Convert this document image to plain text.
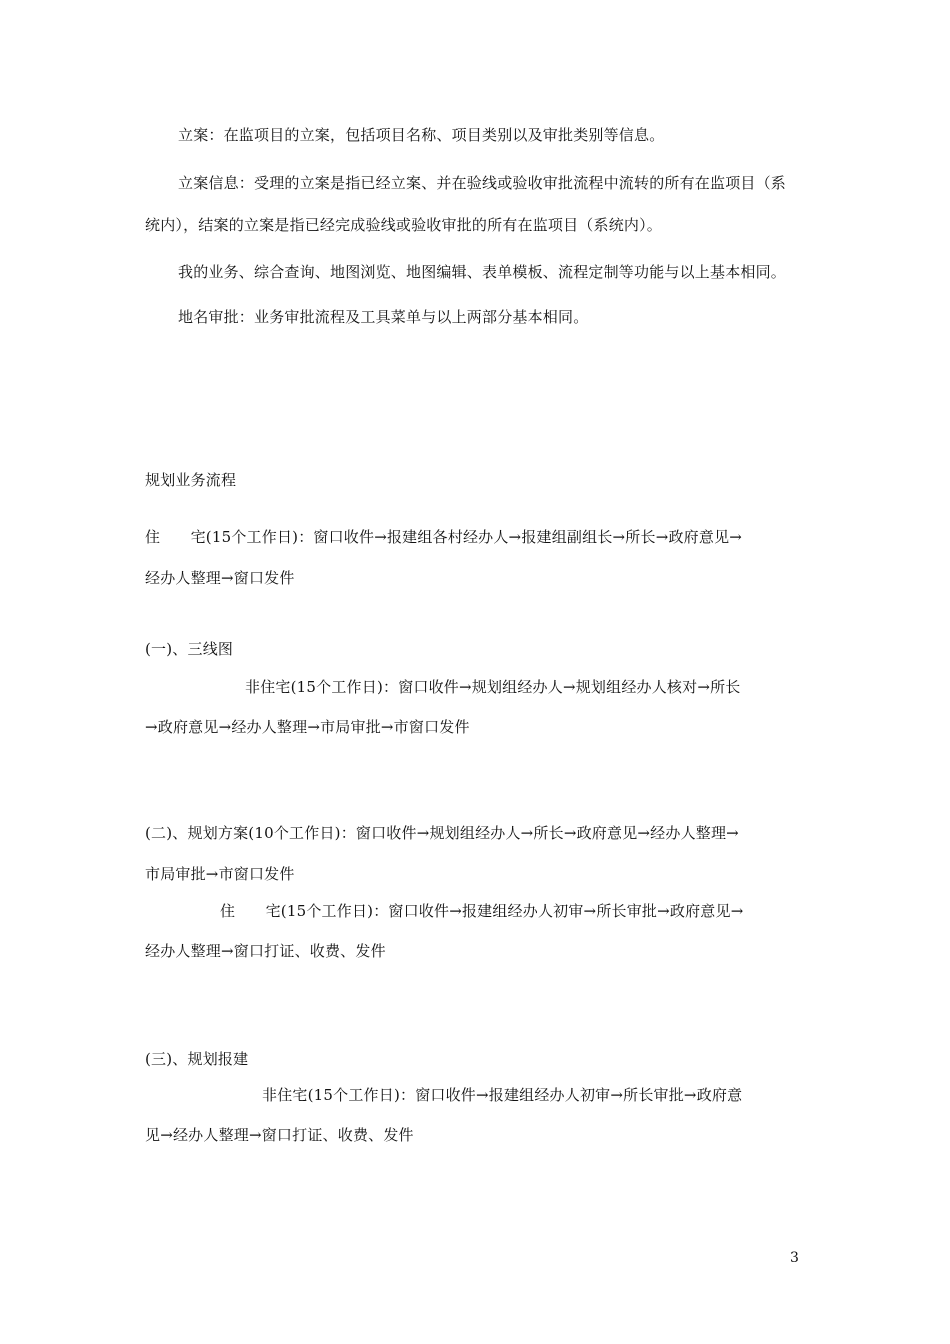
立案：在监项目的立案，包括项目名称、项目类别以及审批类别等信息。
立案信息：受理的立案是指已经立案、并在验线或验收审批流程中流转的所有在监项目（系
统内），结案的立案是指已经完成验线或验收审批的所有在监项目（系统内）。
我的业务、综合查询、地图浏览、地图编辑、表单模板、流程定制等功能与以上基本相同。
地名审批：业务审批流程及工具菜单与以上两部分基本相同。
规划业务流程
住　　宅(15个工作日)：窗口收件→报建组各村经办人→报建组副组长→所长→政府意见→
经办人整理→窗口发件
(一)、三线图
非住宅(15个工作日)：窗口收件→规划组经办人→规划组经办人核对→所长
→政府意见→经办人整理→市局审批→市窗口发件
(二)、规划方案(10个工作日)：窗口收件→规划组经办人→所长→政府意见→经办人整理→
市局审批→市窗口发件
住　　宅(15个工作日)：窗口收件→报建组经办人初审→所长审批→政府意见→
经办人整理→窗口打证、收费、发件
(三)、规划报建
非住宅(15个工作日)：窗口收件→报建组经办人初审→所长审批→政府意
见→经办人整理→窗口打证、收费、发件
3
